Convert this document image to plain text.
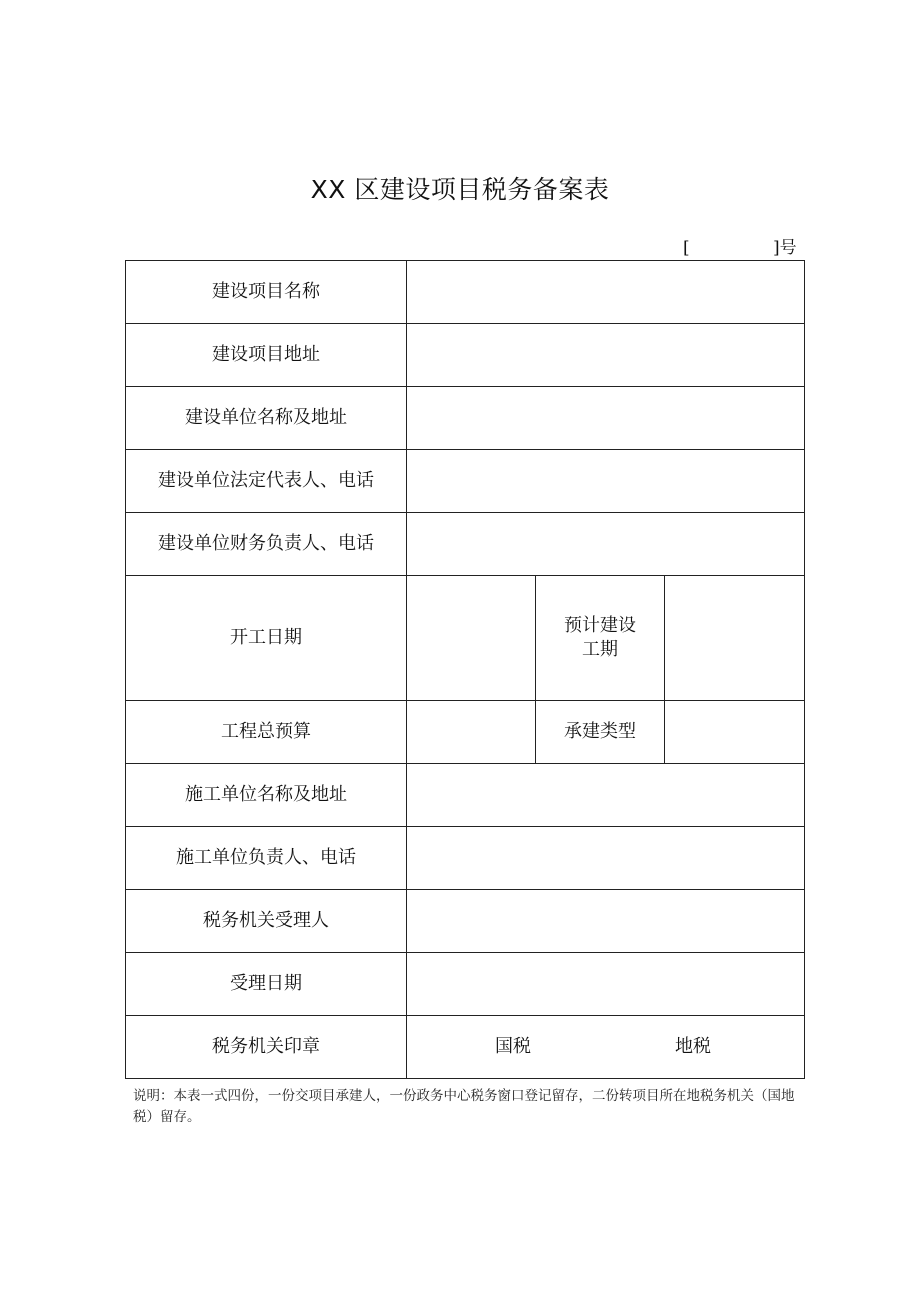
XX 区建设项目税务备案表
[	]号
建设项目名称			
建设项目地址			
建设单位名称及地址			
建设单位法定代表人、电话			
建设单位财务负责人、电话			
开工日期		预计建设
工期	

工程总预算		承建类型	
施工单位名称及地址			
施工单位负责人、电话			
税务机关受理人			
受理日期			
税务机关印章	国税 地税		
说明：本表一式四份，一份交项目承建人，一份政务中心税务窗口登记留存，二份转项目所在地税务机关（国地税）留存。
